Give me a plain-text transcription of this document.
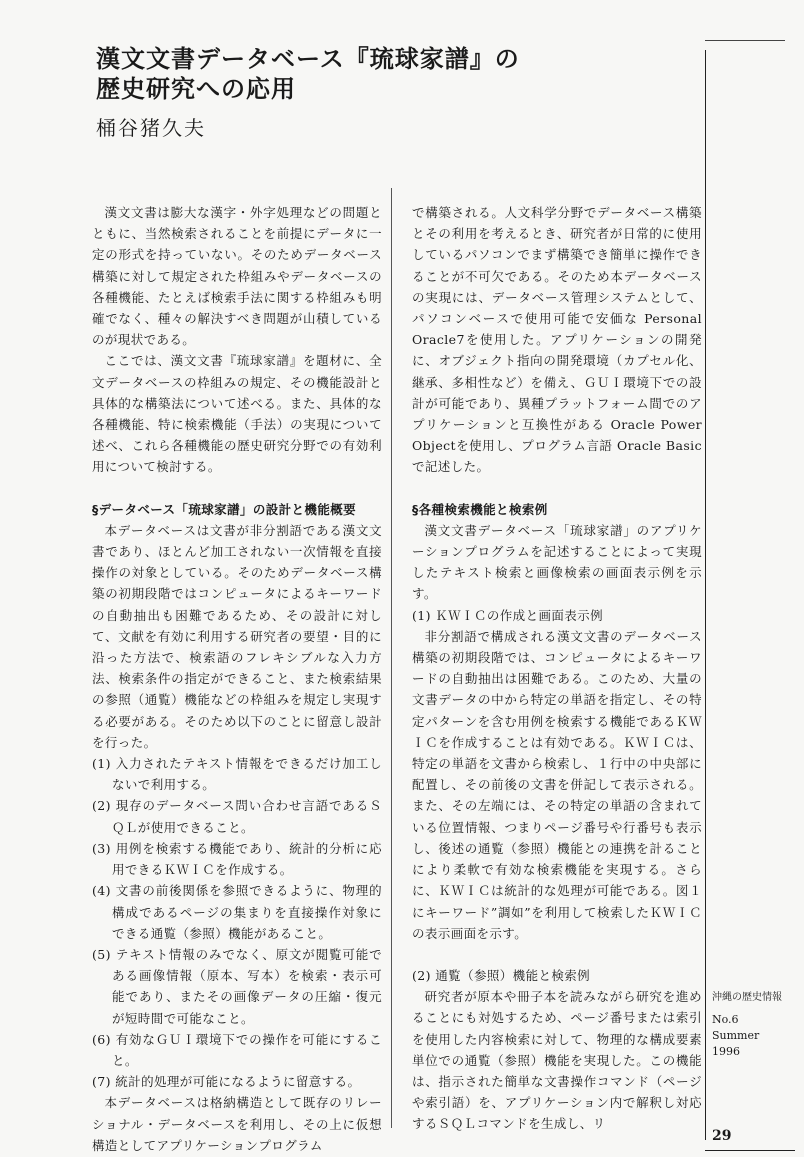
漢文文書データベース『琉球家譜』の
歴史研究への応用
桶谷猪久夫

漢文文書は膨大な漢字・外字処理などの問題とともに、当然検索されることを前提にデータに一定の形式を持っていない。そのためデータベース構築に対して規定された枠組みやデータベースの各種機能、たとえば検索手法に関する枠組みも明確でなく、種々の解決すべき問題が山積しているのが現状である。

ここでは、漢文文書『琉球家譜』を題材に、全文データベースの枠組みの規定、その機能設計と具体的な構築法について述べる。また、具体的な各種機能、特に検索機能（手法）の実現について述べ、これら各種機能の歴史研究分野での有効利用について検討する。

§データベース「琉球家譜」の設計と機能概要

本データベースは文書が非分割語である漢文文書であり、ほとんど加工されない一次情報を直接操作の対象としている。そのためデータベース構築の初期段階ではコンピュータによるキーワードの自動抽出も困難であるため、その設計に対して、文献を有効に利用する研究者の要望・目的に沿った方法で、検索語のフレキシブルな入力方法、検索条件の指定ができること、また検索結果の参照（通覧）機能などの枠組みを規定し実現する必要がある。そのため以下のことに留意し設計を行った。

(1) 入力されたテキスト情報をできるだけ加工しないで利用する。

(2) 現存のデータベース問い合わせ言語であるＳＱＬが使用できること。

(3) 用例を検索する機能であり、統計的分析に応用できるＫＷＩＣを作成する。

(4) 文書の前後関係を参照できるように、物理的構成であるページの集まりを直接操作対象にできる通覧（参照）機能があること。

(5) テキスト情報のみでなく、原文が閲覧可能である画像情報（原本、写本）を検索・表示可能であり、またその画像データの圧縮・復元が短時間で可能なこと。

(6) 有効なＧＵＩ環境下での操作を可能にすること。

(7) 統計的処理が可能になるように留意する。

本データベースは格納構造として既存のリレーショナル・データベースを利用し、その上に仮想構造としてアプリケーションプログラム

で構築される。人文科学分野でデータベース構築とその利用を考えるとき、研究者が日常的に使用しているパソコンでまず構築でき簡単に操作できることが不可欠である。そのため本データベースの実現には、データベース管理システムとして、パソコンベースで使用可能で安価な Personal Oracle7を使用した。アプリケーションの開発に、オブジェクト指向の開発環境（カプセル化、継承、多相性など）を備え、ＧＵＩ環境下での設計が可能であり、異種プラットフォーム間でのアプリケーションと互換性がある Oracle Power Objectを使用し、プログラム言語 Oracle Basic で記述した。

§各種検索機能と検索例

漢文文書データベース「琉球家譜」のアプリケーションプログラムを記述することによって実現したテキスト検索と画像検索の画面表示例を示す。

(1) ＫＷＩＣの作成と画面表示例

非分割語で構成される漢文文書のデータベース構築の初期段階では、コンピュータによるキーワードの自動抽出は困難である。このため、大量の文書データの中から特定の単語を指定し、その特定パターンを含む用例を検索する機能であるＫＷＩＣを作成することは有効である。ＫＷＩＣは、特定の単語を文書から検索し、１行中の中央部に配置し、その前後の文書を併記して表示される。また、その左端には、その特定の単語の含まれている位置情報、つまりページ番号や行番号も表示し、後述の通覧（参照）機能との連携を計ることにより柔軟で有効な検索機能を実現する。さらに、ＫＷＩＣは統計的な処理が可能である。図１にキーワード”調如”を利用して検索したＫＷＩＣの表示画面を示す。

(2) 通覧（参照）機能と検索例

研究者が原本や冊子本を読みながら研究を進めることにも対処するため、ページ番号または索引を使用した内容検索に対して、物理的な構成要素単位での通覧（参照）機能を実現した。この機能は、指示された簡単な文書操作コマンド（ページや索引語）を、アプリケーション内で解釈し対応するＳＱＬコマンドを生成し、リ

沖縄の歴史情報
No.6
Summer
1996
29
